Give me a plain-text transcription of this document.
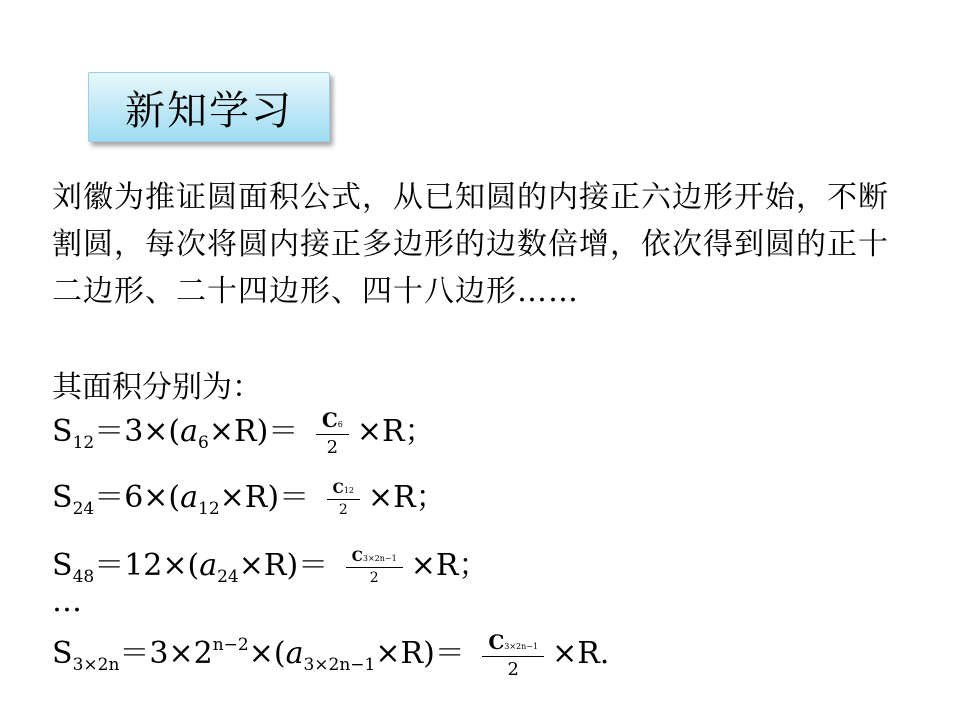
新知学习
刘徽为推证圆面积公式，从已知圆的内接正六边形开始，不断割圆，每次将圆内接正多边形的边数倍增，依次得到圆的正十二边形、二十四边形、四十八边形……
其面积分别为：
$S_{12}=3\times(a_6\times R)= \frac{C6}{2} \times R$；
$S_{24}=6\times(a_{12}\times R)= \frac{C12}{2} \times R$；
$S_{48}=12\times(a_{24}\times R)= \frac{C3\times 2n-1}{2} \times R$；
…
$S_{3\times 2n}=3\times 2^{n-2}\times(a_{3\times 2n-1}\times R)= \frac{C3\times 2n-1}{2} \times R$.
